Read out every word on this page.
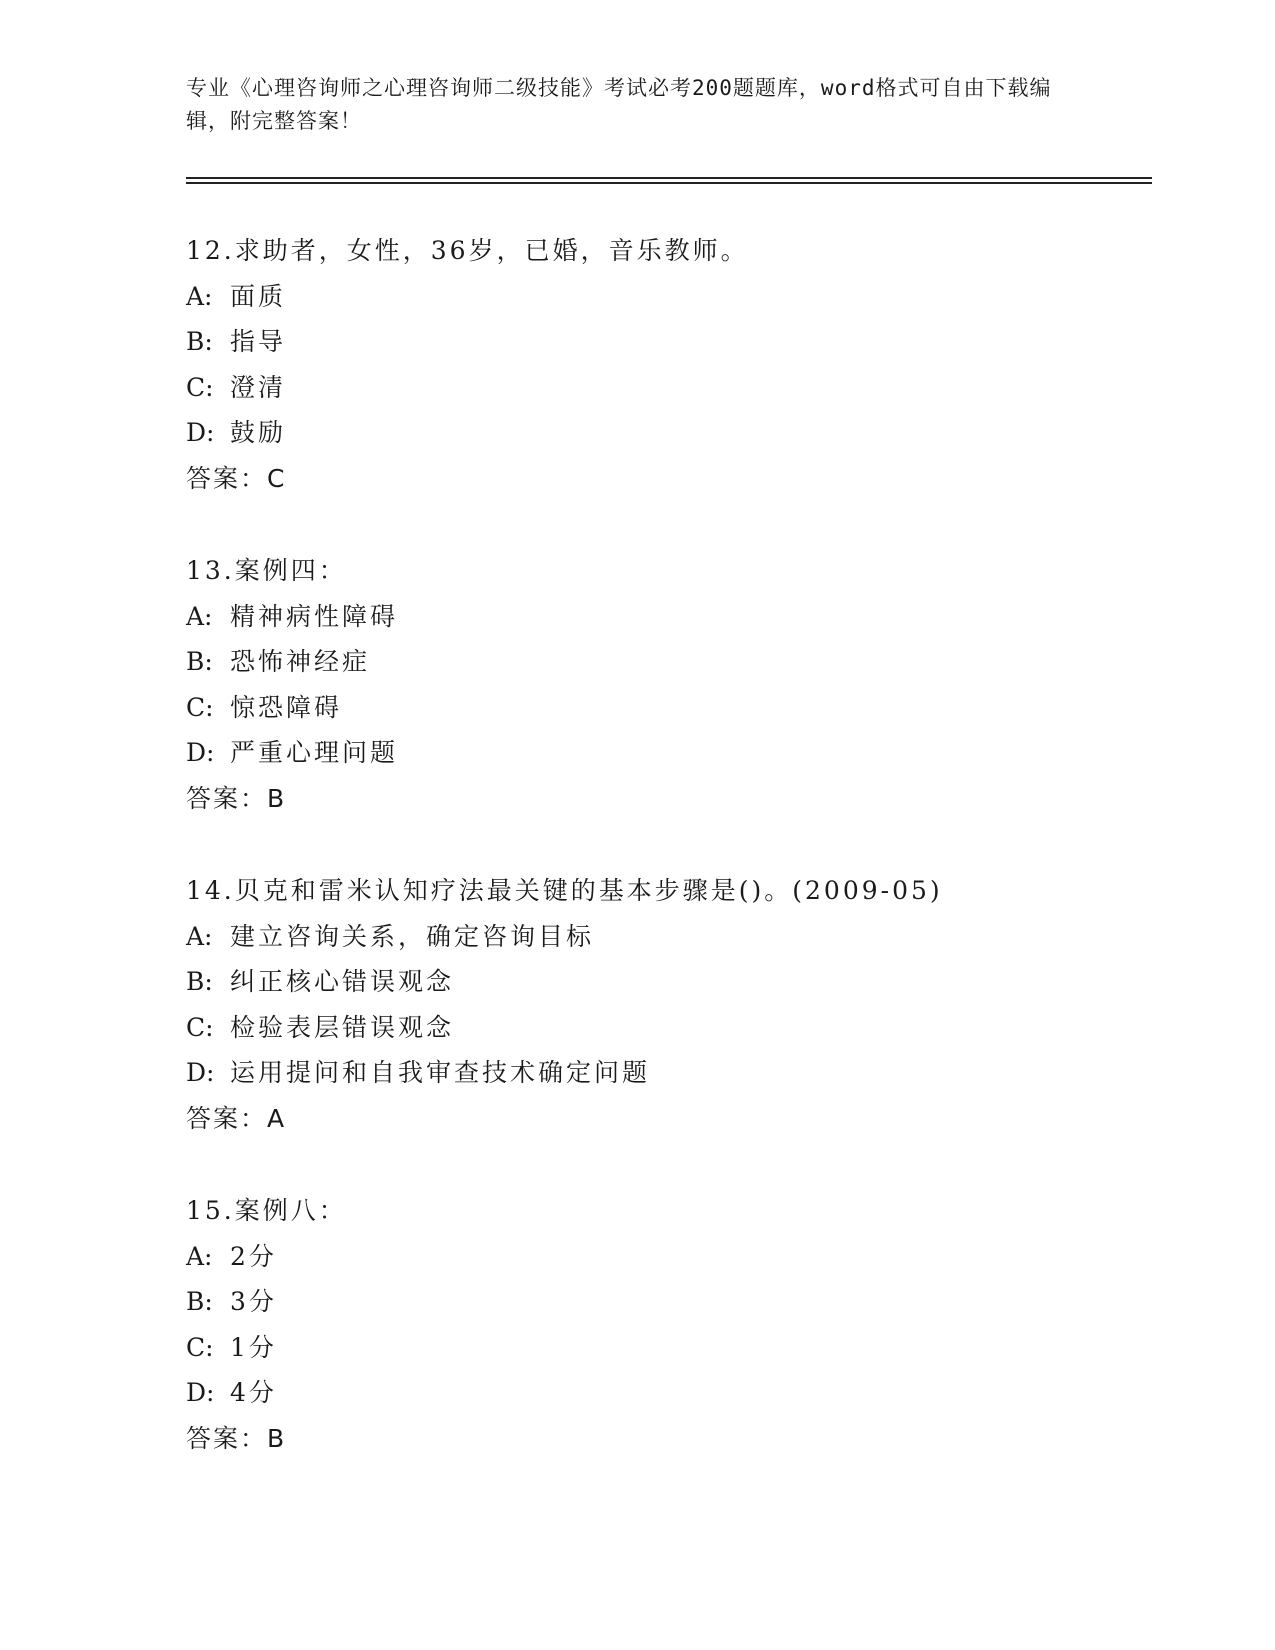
专业《心理咨询师之心理咨询师二级技能》考试必考200题题库，word格式可自由下载编辑，附完整答案！
12.求助者，女性，36岁，已婚，音乐教师。
A: 面质
B: 指导
C: 澄清
D: 鼓励
答案：C
13.案例四：
A: 精神病性障碍
B: 恐怖神经症
C: 惊恐障碍
D: 严重心理问题
答案：B
14.贝克和雷米认知疗法最关键的基本步骤是()。(2009-05)
A: 建立咨询关系，确定咨询目标
B: 纠正核心错误观念
C: 检验表层错误观念
D: 运用提问和自我审查技术确定问题
答案：A
15.案例八：
A: 2分
B: 3分
C: 1分
D: 4分
答案：B
